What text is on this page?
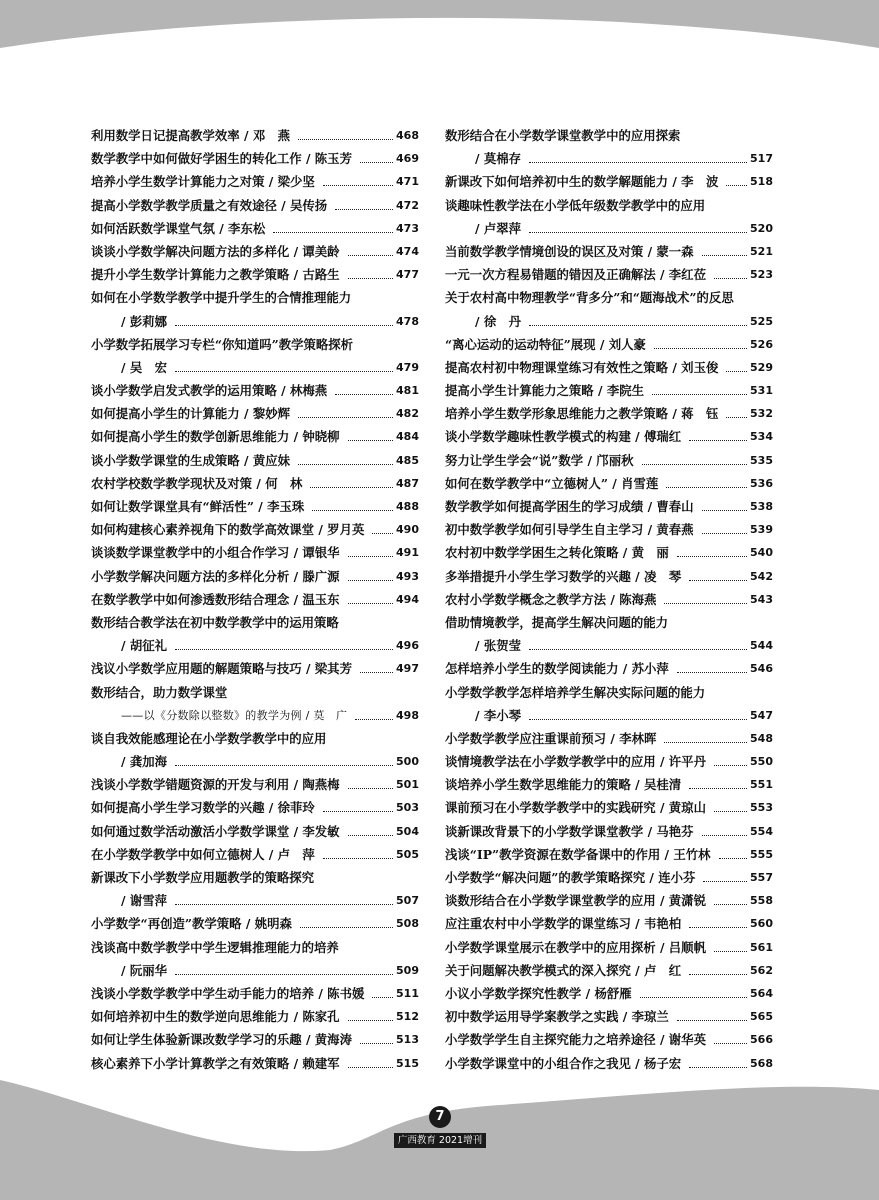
利用数学日记提高教学效率 / 邓　燕	468
数学教学中如何做好学困生的转化工作 / 陈玉芳	469
培养小学生数学计算能力之对策 / 梁少坚	471
提高小学数学教学质量之有效途径 / 吴传扬	472
如何活跃数学课堂气氛 / 李东松	473
谈谈小学数学解决问题方法的多样化 / 谭美龄	474
提升小学生数学计算能力之教学策略 / 古路生	477
如何在小学数学教学中提升学生的合情推理能力
/ 彭莉娜	478
小学数学拓展学习专栏“你知道吗”教学策略探析
/ 吴　宏	479
谈小学数学启发式教学的运用策略 / 林梅燕	481
如何提高小学生的计算能力 / 黎妙辉	482
如何提高小学生的数学创新思维能力 / 钟晓柳	484
谈小学数学课堂的生成策略 / 黄应妹	485
农村学校数学教学现状及对策 / 何　林	487
如何让数学课堂具有“鲜活性” / 李玉珠	488
如何构建核心素养视角下的数学高效课堂 / 罗月英	490
谈谈数学课堂教学中的小组合作学习 / 谭银华	491
小学数学解决问题方法的多样化分析 / 滕广源	493
在数学教学中如何渗透数形结合理念 / 温玉东	494
数形结合教学法在初中数学教学中的运用策略
/ 胡征礼	496
浅议小学数学应用题的解题策略与技巧 / 梁其芳	497
数形结合，助力数学课堂
——以《分数除以整数》的教学为例 / 莫　广	498
谈自我效能感理论在小学数学教学中的应用
/ 龚加海	500
浅谈小学数学错题资源的开发与利用 / 陶燕梅	501
如何提高小学生学习数学的兴趣 / 徐菲玲	503
如何通过数学活动激活小学数学课堂 / 李发敏	504
在小学数学教学中如何立德树人 / 卢　萍	505
新课改下小学数学应用题教学的策略探究
/ 谢雪萍	507
小学数学“再创造”教学策略 / 姚明森	508
浅谈高中数学教学中学生逻辑推理能力的培养
/ 阮丽华	509
浅谈小学数学教学中学生动手能力的培养 / 陈书媛	511
如何培养初中生的数学逆向思维能力 / 陈家孔	512
如何让学生体验新课改数学学习的乐趣 / 黄海涛	513
核心素养下小学计算教学之有效策略 / 赖建军	515
数形结合在小学数学课堂教学中的应用探索
/ 莫棉存	517
新课改下如何培养初中生的数学解题能力 / 李　波	518
谈趣味性教学法在小学低年级数学教学中的应用
/ 卢翠萍	520
当前数学教学情境创设的误区及对策 / 蒙一森	521
一元一次方程易错题的错因及正确解法 / 李红莅	523
关于农村高中物理教学“背多分”和“题海战术”的反思
/ 徐　丹	525
“离心运动的运动特征”展现 / 刘人豪	526
提高农村初中物理课堂练习有效性之策略 / 刘玉俊	529
提高小学生计算能力之策略 / 李院生	531
培养小学生数学形象思维能力之教学策略 / 蒋　钰	532
谈小学数学趣味性教学模式的构建 / 傅瑞红	534
努力让学生学会“说”数学 / 邝丽秋	535
如何在数学教学中“立德树人” / 肖雪莲	536
数学教学如何提高学困生的学习成绩 / 曹春山	538
初中数学教学如何引导学生自主学习 / 黄春燕	539
农村初中数学学困生之转化策略 / 黄　丽	540
多举措提升小学生学习数学的兴趣 / 凌　琴	542
农村小学数学概念之教学方法 / 陈海燕	543
借助情境教学，提高学生解决问题的能力
/ 张贺莹	544
怎样培养小学生的数学阅读能力 / 苏小萍	546
小学数学教学怎样培养学生解决实际问题的能力
/ 李小琴	547
小学数学教学应注重课前预习 / 李林晖	548
谈情境教学法在小学数学教学中的应用 / 许平丹	550
谈培养小学生数学思维能力的策略 / 吴桂清	551
课前预习在小学数学教学中的实践研究 / 黄琼山	553
谈新课改背景下的小学数学课堂教学 / 马艳芬	554
浅谈“IP”教学资源在数学备课中的作用 / 王竹林	555
小学数学“解决问题”的教学策略探究 / 连小芬	557
谈数形结合在小学数学课堂教学的应用 / 黄潇锐	558
应注重农村中小学数学的课堂练习 / 韦艳柏	560
小学数学课堂展示在教学中的应用探析 / 吕顺帆	561
关于问题解决教学模式的深入探究 / 卢　红	562
小议小学数学探究性教学 / 杨舒雁	564
初中数学运用导学案教学之实践 / 李琼兰	565
小学数学学生自主探究能力之培养途径 / 谢华英	566
小学数学课堂中的小组合作之我见 / 杨子宏	568
7
广西教育 2021增刊
